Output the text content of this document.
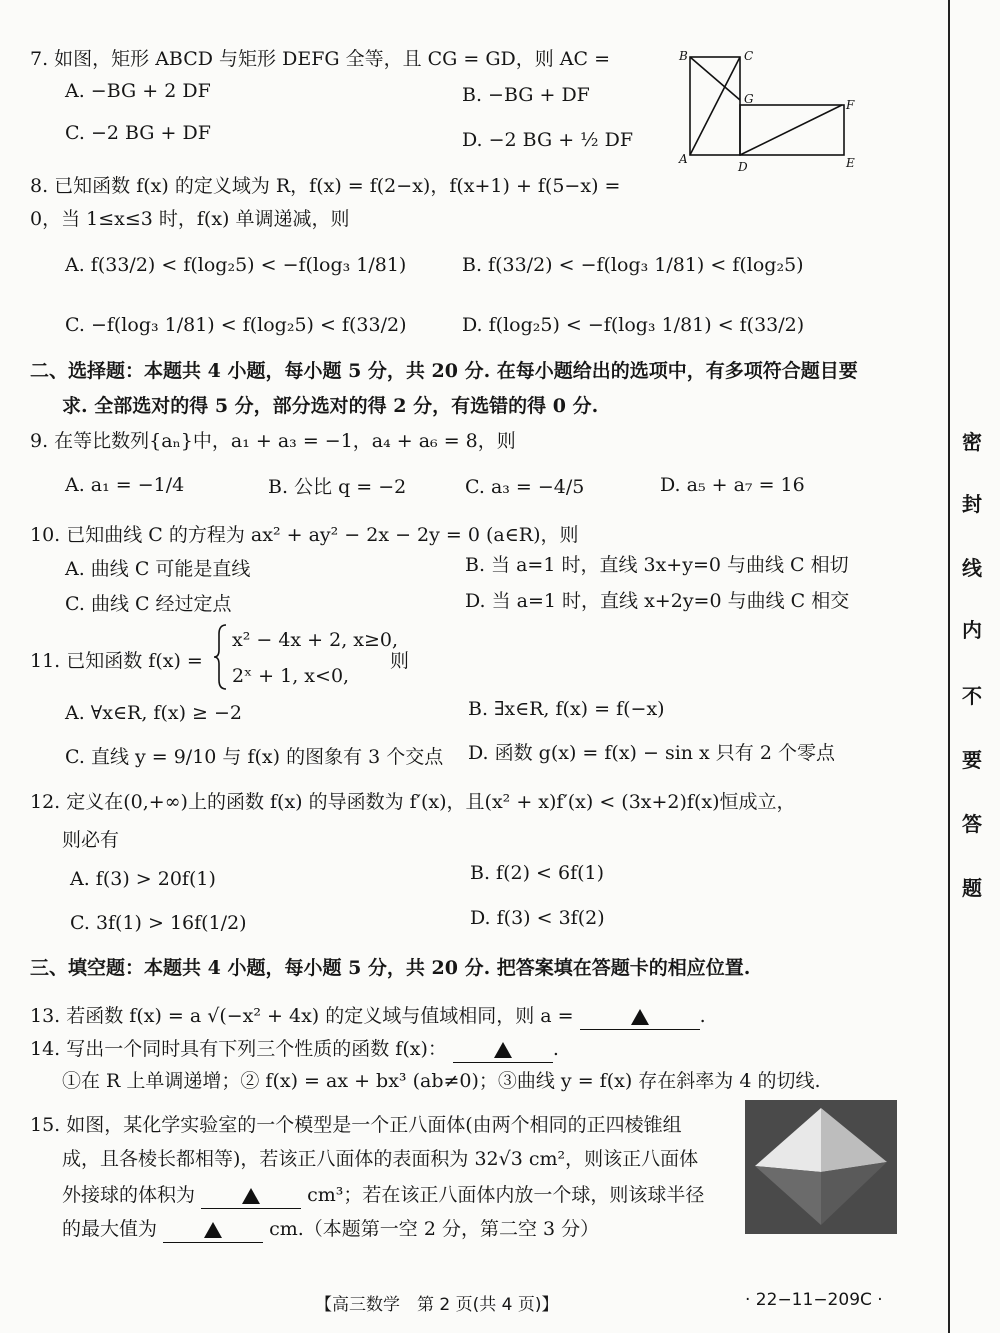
7. 如图，矩形 ABCD 与矩形 DEFG 全等，且 CG = GD，则 AC =
A. −BG + 2 DF	B. −BG + DF
C. −2 BG + DF	D. −2 BG + ½ DF
B	C
G	F
A
D	E
8. 已知函数 f(x) 的定义域为 R，f(x) = f(2−x)，f(x+1) + f(5−x) =
0，当 1≤x≤3 时，f(x) 单调递减，则
A. f(33/2) < f(log₂5) < −f(log₃ 1/81)	B. f(33/2) < −f(log₃ 1/81) < f(log₂5)
C. −f(log₃ 1/81) < f(log₂5) < f(33/2)	D. f(log₂5) < −f(log₃ 1/81) < f(33/2)
二、选择题：本题共 4 小题，每小题 5 分，共 20 分. 在每小题给出的选项中，有多项符合题目要
求. 全部选对的得 5 分，部分选对的得 2 分，有选错的得 0 分.
9. 在等比数列{aₙ}中，a₁ + a₃ = −1，a₄ + a₆ = 8，则
A. a₁ = −1/4	B. 公比 q = −2	C. a₃ = −4/5	D. a₅ + a₇ = 16
10. 已知曲线 C 的方程为 ax² + ay² − 2x − 2y = 0 (a∈R)，则
A. 曲线 C 可能是直线	B. 当 a=1 时，直线 3x+y=0 与曲线 C 相切
C. 曲线 C 经过定点	D. 当 a=1 时，直线 x+2y=0 与曲线 C 相交
11. 已知函数 f(x) =
x² − 4x + 2, x≥0,
2ˣ + 1, x<0,
则
A. ∀x∈R, f(x) ≥ −2	B. ∃x∈R, f(x) = f(−x)
C. 直线 y = 9/10 与 f(x) 的图象有 3 个交点 D. 函数 g(x) = f(x) − sin x 只有 2 个零点
12. 定义在(0,+∞)上的函数 f(x) 的导函数为 f′(x)，且(x² + x)f′(x) < (3x+2)f(x)恒成立，
则必有
A. f(3) > 20f(1)	B. f(2) < 6f(1)
C. 3f(1) > 16f(1/2)	D. f(3) < 3f(2)
三、填空题：本题共 4 小题，每小题 5 分，共 20 分. 把答案填在答题卡的相应位置.
13. 若函数 f(x) = a √(−x² + 4x) 的定义域与值域相同，则 a =	.
14. 写出一个同时具有下列三个性质的函数 f(x)：	.
①在 R 上单调递增；② f(x) = ax + bx³ (ab≠0)；③曲线 y = f(x) 存在斜率为 4 的切线.
15. 如图，某化学实验室的一个模型是一个正八面体(由两个相同的正四棱锥组
成，且各棱长都相等)，若该正八面体的表面积为 32√3 cm²，则该正八面体
外接球的体积为	cm³；若在该正八面体内放一个球，则该球半径
的最大值为	cm.（本题第一空 2 分，第二空 3 分）
密
封
线
内
不
要
答
题
【高三数学　第 2 页(共 4 页)】	· 22−11−209C ·
